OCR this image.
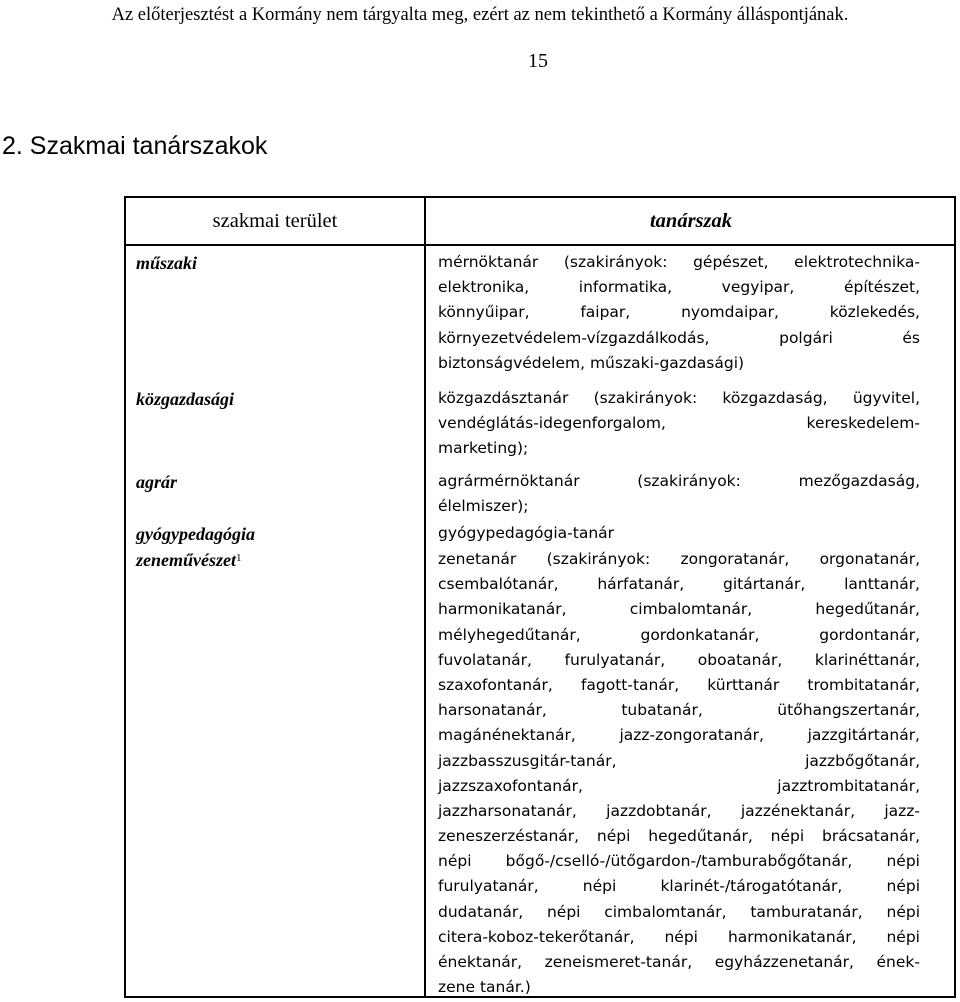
Az előterjesztést a Kormány nem tárgyalta meg, ezért az nem tekinthető a Kormány álláspontjának.
15
2. Szakmai tanárszakok
szakmai terület	tanárszak
műszaki	mérnöktanár (szakirányok: gépészet, elektrotechnika-
elektronika, informatika, vegyipar, építészet,
könnyűipar, faipar, nyomdaipar, közlekedés,
környezetvédelem-vízgazdálkodás, polgári és
biztonságvédelem, műszaki-gazdasági)
közgazdasági	közgazdásztanár (szakirányok: közgazdaság, ügyvitel,
vendéglátás-idegenforgalom, kereskedelem-
marketing);
agrár	agrármérnöktanár (szakirányok: mezőgazdaság,
élelmiszer);
gyógypedagógia	gyógypedagógia-tanár
zeneművészet$^1$	zenetanár (szakirányok: zongoratanár, orgonatanár,
csembalótanár, hárfatanár, gitártanár, lanttanár,
harmonikatanár, cimbalomtanár, hegedűtanár,
mélyhegedűtanár, gordonkatanár, gordontanár,
fuvolatanár, furulyatanár, oboatanár, klarinéttanár,
szaxofontanár, fagott-tanár, kürttanár trombitatanár,
harsonatanár, tubatanár, ütőhangszertanár,
magánénektanár, jazz-zongoratanár, jazzgitártanár,
jazzbasszusgitár-tanár, jazzbőgőtanár,
jazzszaxofontanár, jazztrombitatanár,
jazzharsonatanár, jazzdobtanár, jazzénektanár, jazz-
zeneszerzéstanár, népi hegedűtanár, népi brácsatanár,
népi bőgő-/cselló-/ütőgardon-/tamburabőgőtanár, népi
furulyatanár, népi klarinét-/tárogatótanár, népi
dudatanár, népi cimbalomtanár, tamburatanár, népi
citera-koboz-tekerőtanár, népi harmonikatanár, népi
énektanár, zeneismeret-tanár, egyházzenetanár, ének-
zene tanár.)
